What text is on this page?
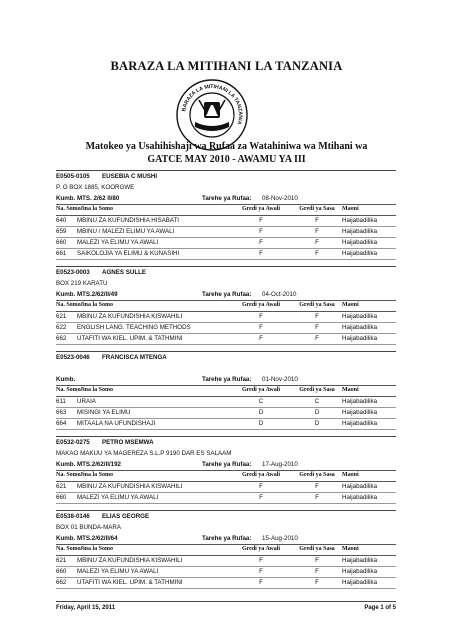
BARAZA LA MITIHANI LA TANZANIA
BARAZA LA MITIHANI LA TANZANIA
Matokeo ya Usahihishaji wa Rufaa za Watahiniwa wa Mtihani wa
GATCE MAY 2010 - AWAMU YA III
E0505-0105 EUSEBIA C MUSHI
P. O BOX 1885, KOORGWE
Kumb. MTS. 2/62 II/80	Tarehe ya Rufaa: 08-Nov-2010
Na. Somo Jina la Somo	Gredi ya Awali	Gredi ya Sasa	Maoni
640 MBINU ZA KUFUNDISHIA HISABATI	F	F	Haijabadilika
659 MBINU / MALEZI ELIMU YA AWALI	F	F	Haijabadilika
660 MALEZI YA ELIMU YA AWALI	F	F	Haijabadilika
661 SAIKOLOJIA YA ELIMU & KUNASIHI	F	F	Haijabadilika
E0523-0003 AGNES SULLE
BOX 219 KARATU
Kumb. MTS.2/62/II/49	Tarehe ya Rufaa: 04-Oct-2010
Na. Somo Jina la Somo	Gredi ya Awali	Gredi ya Sasa	Maoni
621 MBINU ZA KUFUNDISHIA KISWAHILI	F	F	Haijabadilika
622 ENGLISH LANG. TEACHING METHODS	F	F	Haijabadilika
662 UTAFITI WA KIEL. UPIM. & TATHMINI	F	F	Haijabadilika
E0523-0046 FRANCISCA MTENGA
Kumb.	Tarehe ya Rufaa: 01-Nov-2010
Na. Somo Jina la Somo	Gredi ya Awali	Gredi ya Sasa	Maoni
611 URAIA	C	C	Haijabadilika
663 MISINGI YA ELIMU	D	D	Haijabadilika
664 MITAALA NA UFUNDISHAJI	D	D	Haijabadilika
E0532-0275 PETRO MSEMWA
MAKAO MAKUU YA MAGEREZA S.L.P 9190 DAR ES SALAAM
Kumb. MTS.2/62/II/192	Tarehe ya Rufaa: 17-Aug-2010
Na. Somo Jina la Somo	Gredi ya Awali	Gredi ya Sasa	Maoni
621 MBINU ZA KUFUNDISHIA KISWAHILI	F	F	Haijabadilika
660 MALEZI YA ELIMU YA AWALI	F	F	Haijabadilika
E0538-0146 ELIAS GEORGE
BOX 01 BUNDA-MARA
Kumb. MTS.2/62/II/64	Tarehe ya Rufaa: 15-Aug-2010
Na. Somo Jina la Somo	Gredi ya Awali	Gredi ya Sasa	Maoni
621 MBINU ZA KUFUNDISHIA KISWAHILI	F	F	Haijabadilika
660 MALEZI YA ELIMU YA AWALI	F	F	Haijabadilika
662 UTAFITI WA KIEL. UPIM. & TATHMINI	F	F	Haijabadilika
Friday, April 15, 2011	Page 1 of 5
